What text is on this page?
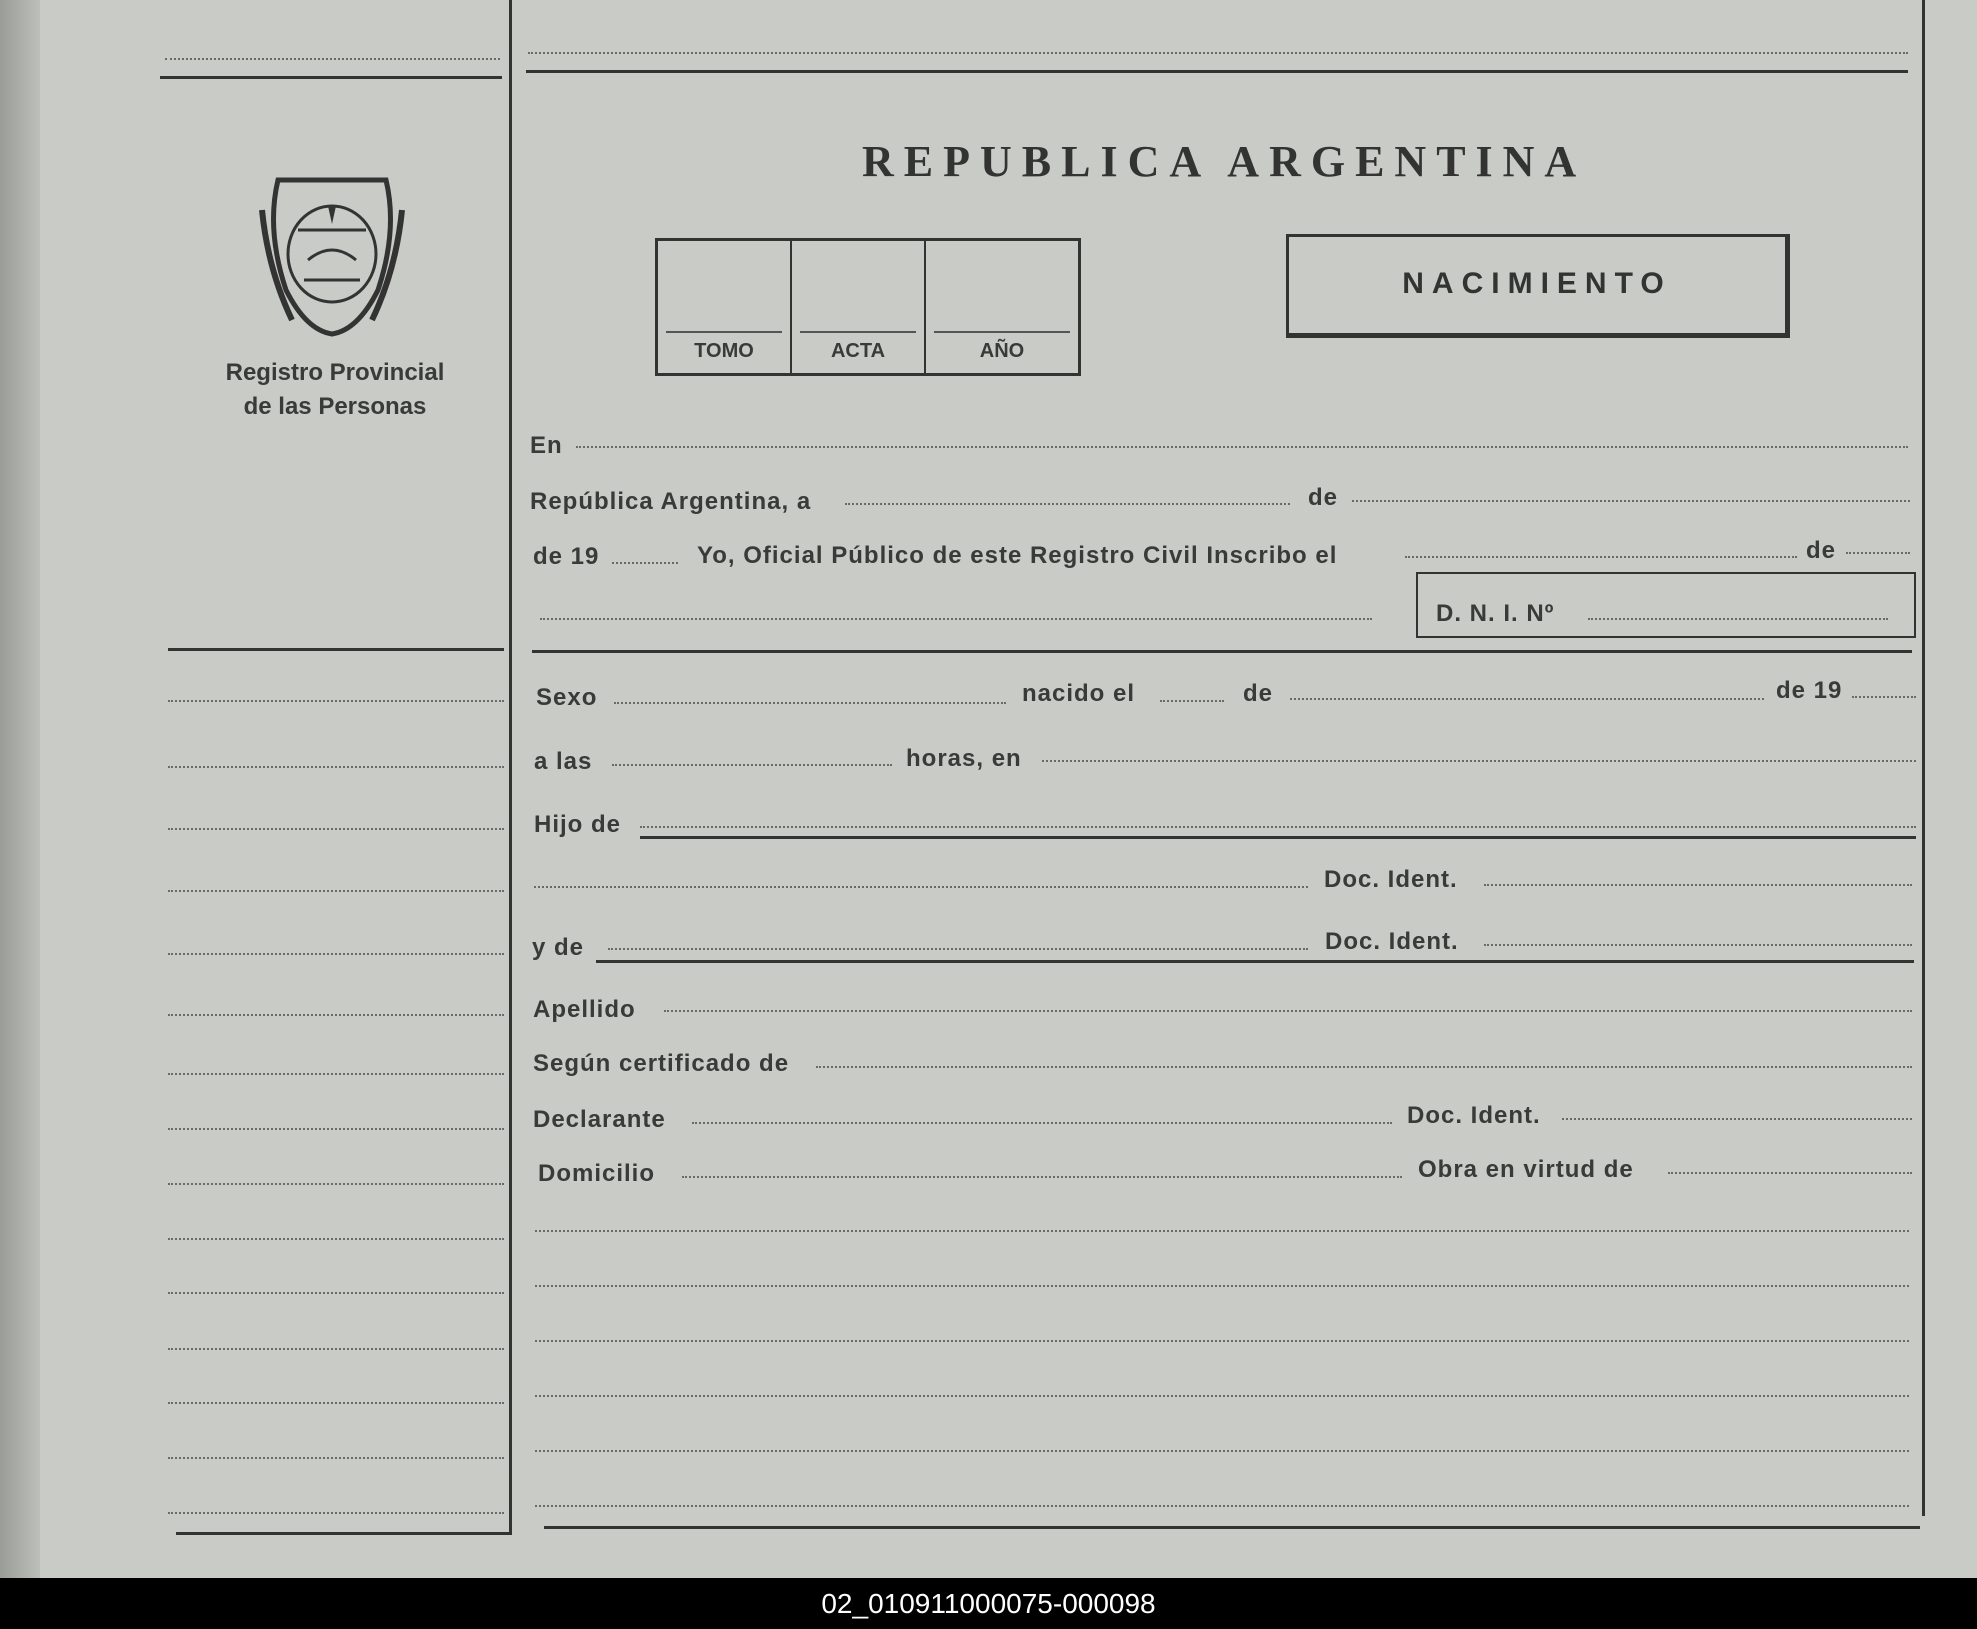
REPUBLICA ARGENTINA
Registro Provincial
de las Personas
TOMO	ACTA	AÑO
NACIMIENTO
En
República Argentina, a	de
de 19	Yo, Oficial Público de este Registro Civil Inscribo el	de
D. N. I. Nº
Sexo	nacido el	de	de 19
a las	horas, en
Hijo de
Doc. Ident.
y de	Doc. Ident.
Apellido
Según certificado de
Declarante	Doc. Ident.
Domicilio	Obra en virtud de
02_010911000075-000098
